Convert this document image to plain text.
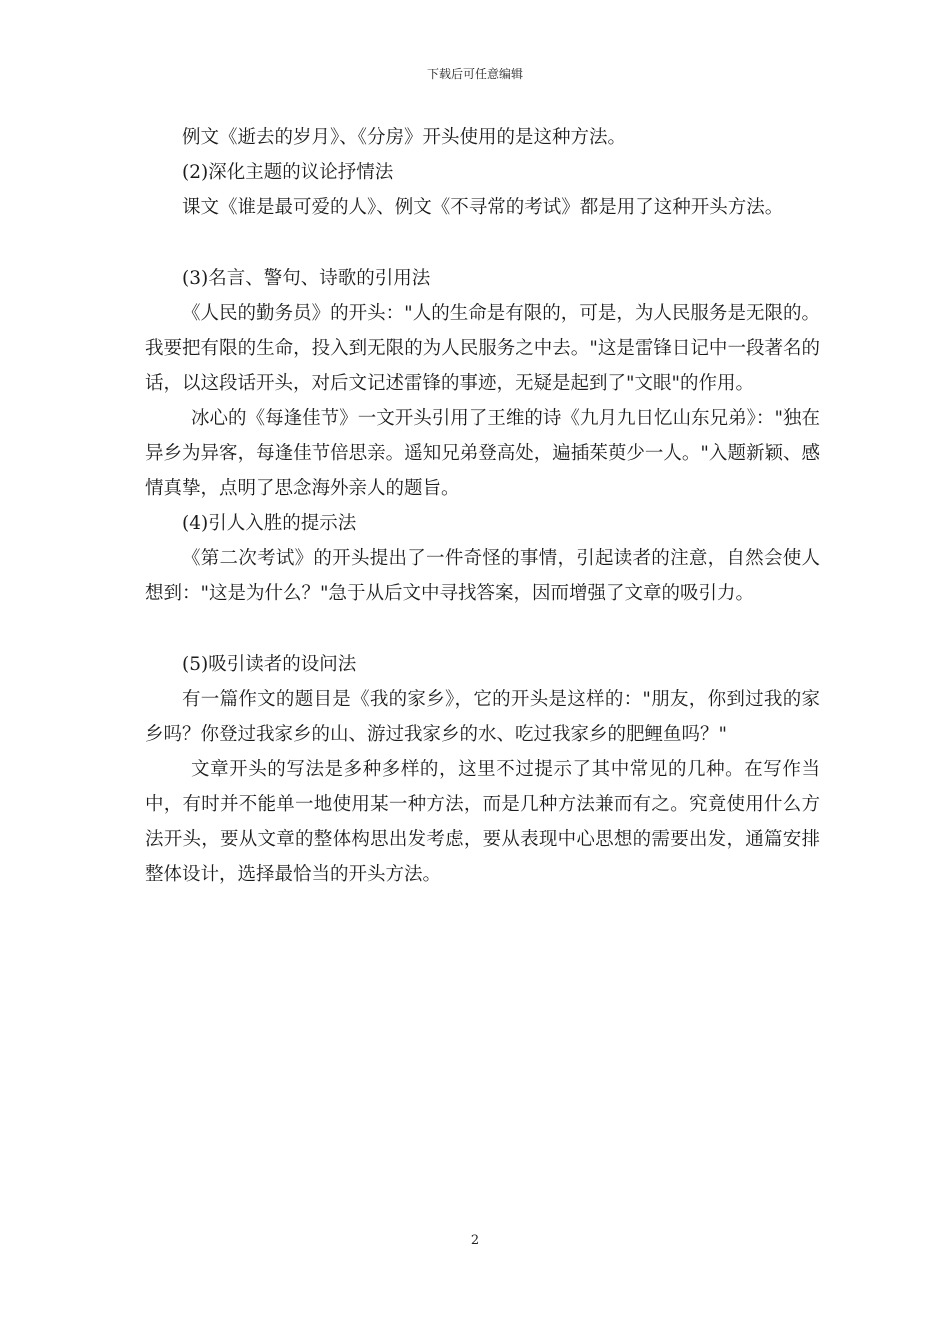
下载后可任意编辑

例文《逝去的岁月》、《分房》开头使用的是这种方法。

(2)深化主题的议论抒情法

课文《谁是最可爱的人》、例文《不寻常的考试》都是用了这种开头方法。

(3)名言、警句、诗歌的引用法

《人民的勤务员》的开头："人的生命是有限的，可是，为人民服务是无限的。我要把有限的生命，投入到无限的为人民服务之中去。"这是雷锋日记中一段著名的话，以这段话开头，对后文记述雷锋的事迹，无疑是起到了"文眼"的作用。

冰心的《每逢佳节》一文开头引用了王维的诗《九月九日忆山东兄弟》："独在异乡为异客，每逢佳节倍思亲。遥知兄弟登高处，遍插茱萸少一人。"入题新颖、感情真挚，点明了思念海外亲人的题旨。

(4)引人入胜的提示法

《第二次考试》的开头提出了一件奇怪的事情，引起读者的注意，自然会使人想到："这是为什么？"急于从后文中寻找答案，因而增强了文章的吸引力。

(5)吸引读者的设问法

有一篇作文的题目是《我的家乡》，它的开头是这样的："朋友，你到过我的家乡吗？你登过我家乡的山、游过我家乡的水、吃过我家乡的肥鲤鱼吗？"

文章开头的写法是多种多样的，这里不过提示了其中常见的几种。在写作当中，有时并不能单一地使用某一种方法，而是几种方法兼而有之。究竟使用什么方法开头，要从文章的整体构思出发考虑，要从表现中心思想的需要出发，通篇安排整体设计，选择最恰当的开头方法。

2
